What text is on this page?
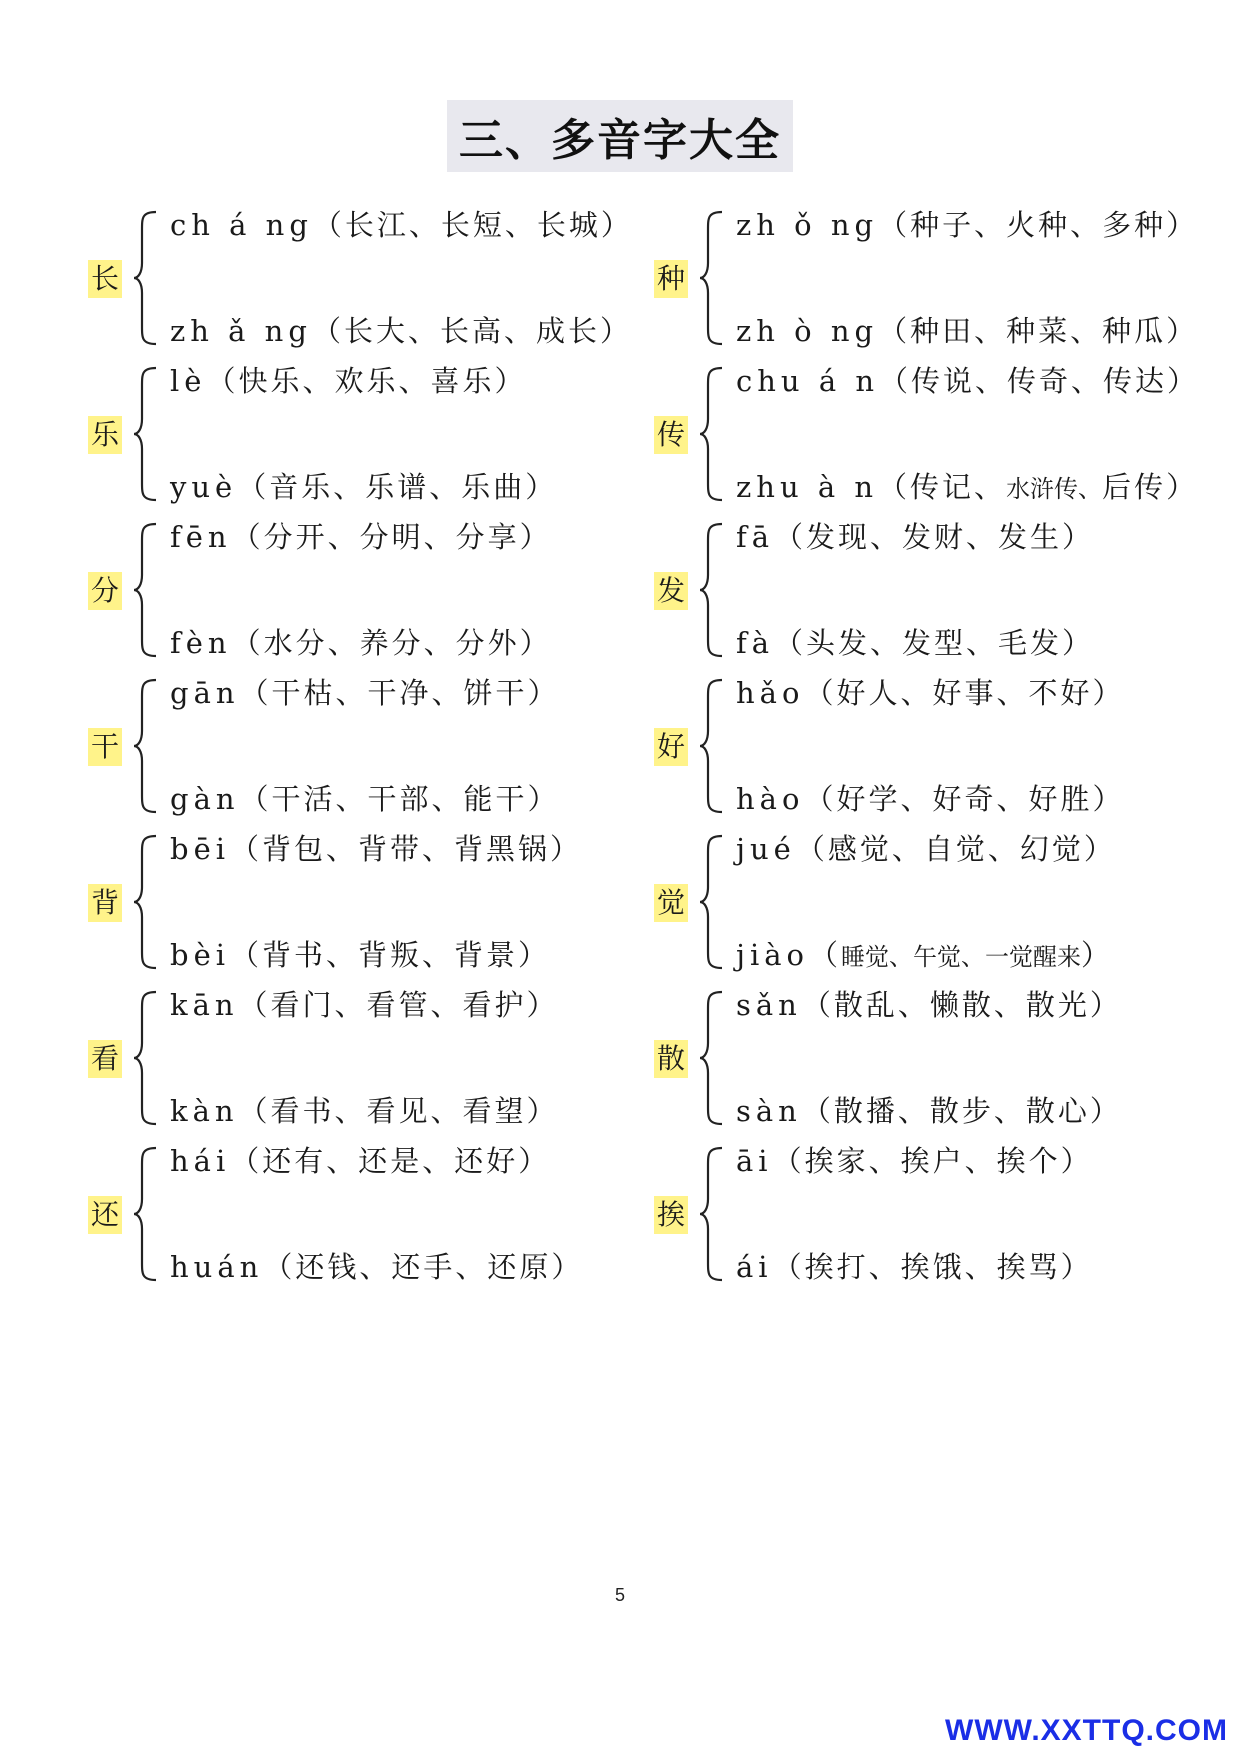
三、多音字大全
长
ch á ng（长江、长短、长城）
zh ǎ ng（长大、长高、成长）
乐
lè（快乐、欢乐、喜乐）
yuè（音乐、乐谱、乐曲）
分
fēn（分开、分明、分享）
fèn（水分、养分、分外）
干
gān（干枯、干净、饼干）
gàn（干活、干部、能干）
背
bēi（背包、背带、背黑锅）
bèi（背书、背叛、背景）
看
kān（看门、看管、看护）
kàn（看书、看见、看望）
还
hái（还有、还是、还好）
huán（还钱、还手、还原）
种
zh ǒ ng（种子、火种、多种）
zh ò ng（种田、种菜、种瓜）
传
chu á n（传说、传奇、传达）
zhu à n（传记、水浒传、后传）
发
fā（发现、发财、发生）
fà（头发、发型、毛发）
好
hǎo（好人、好事、不好）
hào（好学、好奇、好胜）
觉
jué（感觉、自觉、幻觉）
jiào（睡觉、午觉、一觉醒来）
散
sǎn（散乱、懒散、散光）
sàn（散播、散步、散心）
挨
āi（挨家、挨户、挨个）
ái（挨打、挨饿、挨骂）
5
WWW.XXTTQ.COM
